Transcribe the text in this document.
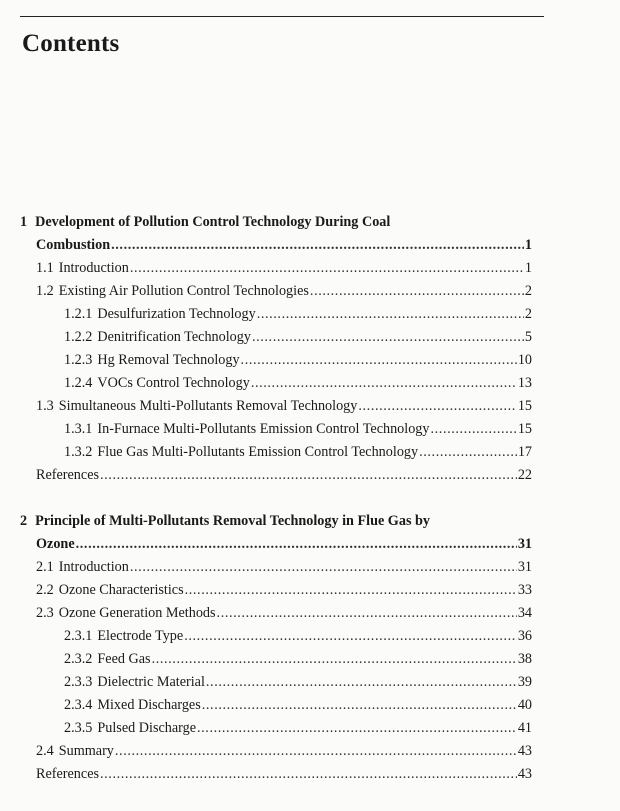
Contents
1 Development of Pollution Control Technology During Coal
Combustion .....	1
1.1 Introduction .....	1
1.2 Existing Air Pollution Control Technologies .....	2
1.2.1 Desulfurization Technology .....	2
1.2.2 Denitrification Technology .....	5
1.2.3 Hg Removal Technology .....	10
1.2.4 VOCs Control Technology .....	13
1.3 Simultaneous Multi-Pollutants Removal Technology .....	15
1.3.1 In-Furnace Multi-Pollutants Emission Control Technology .....	15
1.3.2 Flue Gas Multi-Pollutants Emission Control Technology .....	17
References .....	22
2 Principle of Multi-Pollutants Removal Technology in Flue Gas by
Ozone .....	31
2.1 Introduction .....	31
2.2 Ozone Characteristics .....	33
2.3 Ozone Generation Methods .....	34
2.3.1 Electrode Type .....	36
2.3.2 Feed Gas .....	38
2.3.3 Dielectric Material .....	39
2.3.4 Mixed Discharges .....	40
2.3.5 Pulsed Discharge .....	41
2.4 Summary .....	43
References .....	43
